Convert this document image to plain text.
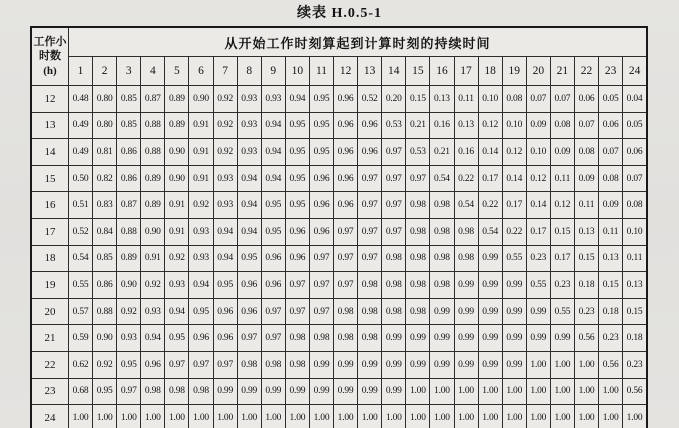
续表 H.0.5-1
工作小
时数
(h)	从开始工作时刻算起到计算时刻的持续时间																							
	1	2	3	4	5	6	7	8	9	10	11	12	13	14	15	16	17	18	19	20	21	22	23	24
12	0.48	0.80	0.85	0.87	0.89	0.90	0.92	0.93	0.93	0.94	0.95	0.96	0.52	0.20	0.15	0.13	0.11	0.10	0.08	0.07	0.07	0.06	0.05	0.04
13	0.49	0.80	0.85	0.88	0.89	0.91	0.92	0.93	0.94	0.95	0.95	0.96	0.96	0.53	0.21	0.16	0.13	0.12	0.10	0.09	0.08	0.07	0.06	0.05
14	0.49	0.81	0.86	0.88	0.90	0.91	0.92	0.93	0.94	0.95	0.95	0.96	0.96	0.97	0.53	0.21	0.16	0.14	0.12	0.10	0.09	0.08	0.07	0.06
15	0.50	0.82	0.86	0.89	0.90	0.91	0.93	0.94	0.94	0.95	0.96	0.96	0.97	0.97	0.97	0.54	0.22	0.17	0.14	0.12	0.11	0.09	0.08	0.07
16	0.51	0.83	0.87	0.89	0.91	0.92	0.93	0.94	0.95	0.95	0.96	0.96	0.97	0.97	0.98	0.98	0.54	0.22	0.17	0.14	0.12	0.11	0.09	0.08
17	0.52	0.84	0.88	0.90	0.91	0.93	0.94	0.94	0.95	0.96	0.96	0.97	0.97	0.97	0.98	0.98	0.98	0.54	0.22	0.17	0.15	0.13	0.11	0.10
18	0.54	0.85	0.89	0.91	0.92	0.93	0.94	0.95	0.96	0.96	0.97	0.97	0.97	0.98	0.98	0.98	0.98	0.99	0.55	0.23	0.17	0.15	0.13	0.11
19	0.55	0.86	0.90	0.92	0.93	0.94	0.95	0.96	0.96	0.97	0.97	0.97	0.98	0.98	0.98	0.98	0.99	0.99	0.99	0.55	0.23	0.18	0.15	0.13
20	0.57	0.88	0.92	0.93	0.94	0.95	0.96	0.96	0.97	0.97	0.97	0.98	0.98	0.98	0.98	0.99	0.99	0.99	0.99	0.99	0.55	0.23	0.18	0.15
21	0.59	0.90	0.93	0.94	0.95	0.96	0.96	0.97	0.97	0.98	0.98	0.98	0.98	0.99	0.99	0.99	0.99	0.99	0.99	0.99	0.99	0.56	0.23	0.18
22	0.62	0.92	0.95	0.96	0.97	0.97	0.97	0.98	0.98	0.98	0.99	0.99	0.99	0.99	0.99	0.99	0.99	0.99	0.99	1.00	1.00	1.00	0.56	0.23
23	0.68	0.95	0.97	0.98	0.98	0.98	0.99	0.99	0.99	0.99	0.99	0.99	0.99	0.99	1.00	1.00	1.00	1.00	1.00	1.00	1.00	1.00	1.00	0.56
24	1.00	1.00	1.00	1.00	1.00	1.00	1.00	1.00	1.00	1.00	1.00	1.00	1.00	1.00	1.00	1.00	1.00	1.00	1.00	1.00	1.00	1.00	1.00	1.00
